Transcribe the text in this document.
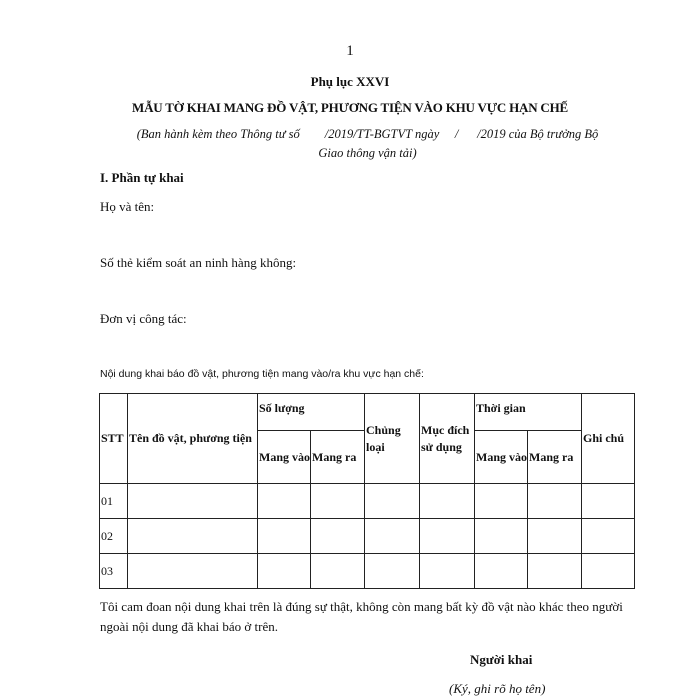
1
Phụ lục XXVI
MẪU TỜ KHAI MANG ĐỒ VẬT, PHƯƠNG TIỆN VÀO KHU VỰC HẠN CHẾ
(Ban hành kèm theo Thông tư số        /2019/TT-BGTVT ngày     /      /2019 của Bộ trưởng Bộ
Giao thông vận tải)
I. Phần tự khai
Họ và tên:
Số thẻ kiểm soát an ninh hàng không:
Đơn vị công tác:
Nội dung khai báo đồ vật, phương tiện mang vào/ra khu vực hạn chế:
STT	Tên đồ vật, phương tiện	Số lượng		Chủng loại	Mục đích sử dụng	Thời gian		Ghi chú
		Mang vào	Mang ra			Mang vào	Mang ra	
01								
02								
03								
Tôi cam đoan nội dung khai trên là đúng sự thật, không còn mang bất kỳ đồ vật nào khác theo người ngoài nội dung đã khai báo ở trên.
Người khai
(Ký, ghi rõ họ tên)
